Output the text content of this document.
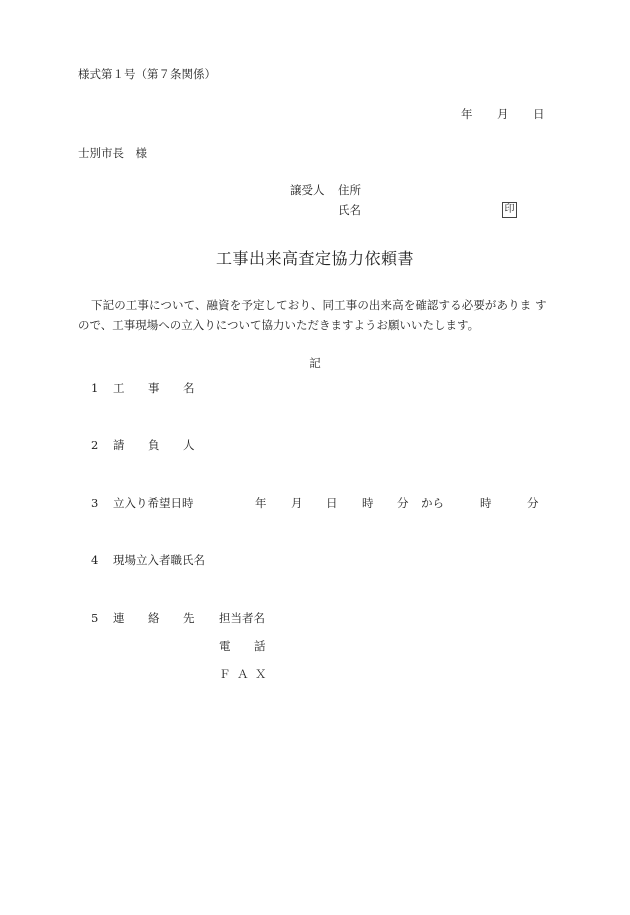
様式第１号（第７条関係）
年 月 日
士別市長　様
譲受人 住所
氏名	印
工事出来高査定協力依頼書
下記の工事について、融資を予定しており、同工事の出来高を確認する必要がありま す
ので、工事現場への立入りについて協力いただきますようお願いいたします。
記
1 工 事 名
2 請 負 人
3 立入り希望日時	年 月 日 時 分 から	時	分
4 現場立入者職氏名
5 連 絡 先 担当者名
電 話
Ｆ Ａ Ｘ
